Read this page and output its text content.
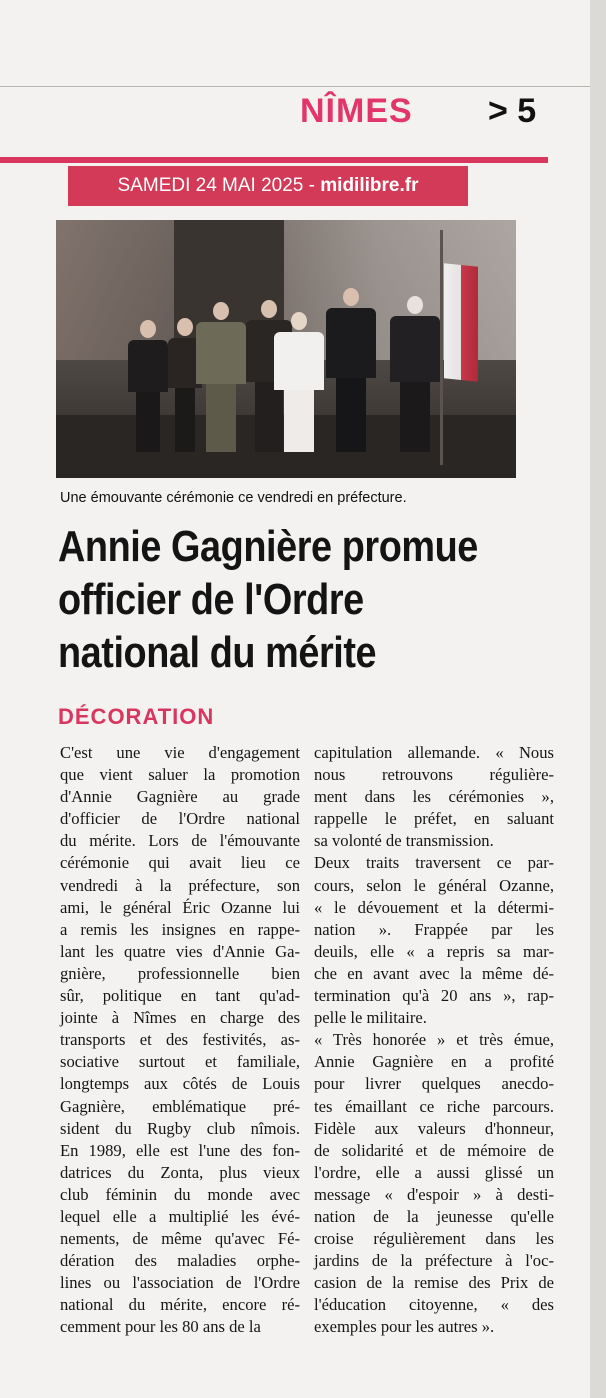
NÎMES > 5
SAMEDI 24 MAI 2025 - midilibre.fr
Une émouvante cérémonie ce vendredi en préfecture.
Annie Gagnière promue
officier de l'Ordre
national du mérite
DÉCORATION
C'est une vie d'engagement
que vient saluer la promotion
d'Annie Gagnière au grade
d'officier de l'Ordre national
du mérite. Lors de l'émouvante
cérémonie qui avait lieu ce
vendredi à la préfecture, son
ami, le général Éric Ozanne lui
a remis les insignes en rappe-
lant les quatre vies d'Annie Ga-
gnière, professionnelle bien
sûr, politique en tant qu'ad-
jointe à Nîmes en charge des
transports et des festivités, as-
sociative surtout et familiale,
longtemps aux côtés de Louis
Gagnière, emblématique pré-
sident du Rugby club nîmois.
En 1989, elle est l'une des fon-
datrices du Zonta, plus vieux
club féminin du monde avec
lequel elle a multiplié les évé-
nements, de même qu'avec Fé-
dération des maladies orphe-
lines ou l'association de l'Ordre
national du mérite, encore ré-
cemment pour les 80 ans de la
capitulation allemande. « Nous
nous retrouvons régulière-
ment dans les cérémonies »,
rappelle le préfet, en saluant
sa volonté de transmission.
Deux traits traversent ce par-
cours, selon le général Ozanne,
« le dévouement et la détermi-
nation ». Frappée par les
deuils, elle « a repris sa mar-
che en avant avec la même dé-
termination qu'à 20 ans », rap-
pelle le militaire.
« Très honorée » et très émue,
Annie Gagnière en a profité
pour livrer quelques anecdo-
tes émaillant ce riche parcours.
Fidèle aux valeurs d'honneur,
de solidarité et de mémoire de
l'ordre, elle a aussi glissé un
message « d'espoir » à desti-
nation de la jeunesse qu'elle
croise régulièrement dans les
jardins de la préfecture à l'oc-
casion de la remise des Prix de
l'éducation citoyenne, « des
exemples pour les autres ».
